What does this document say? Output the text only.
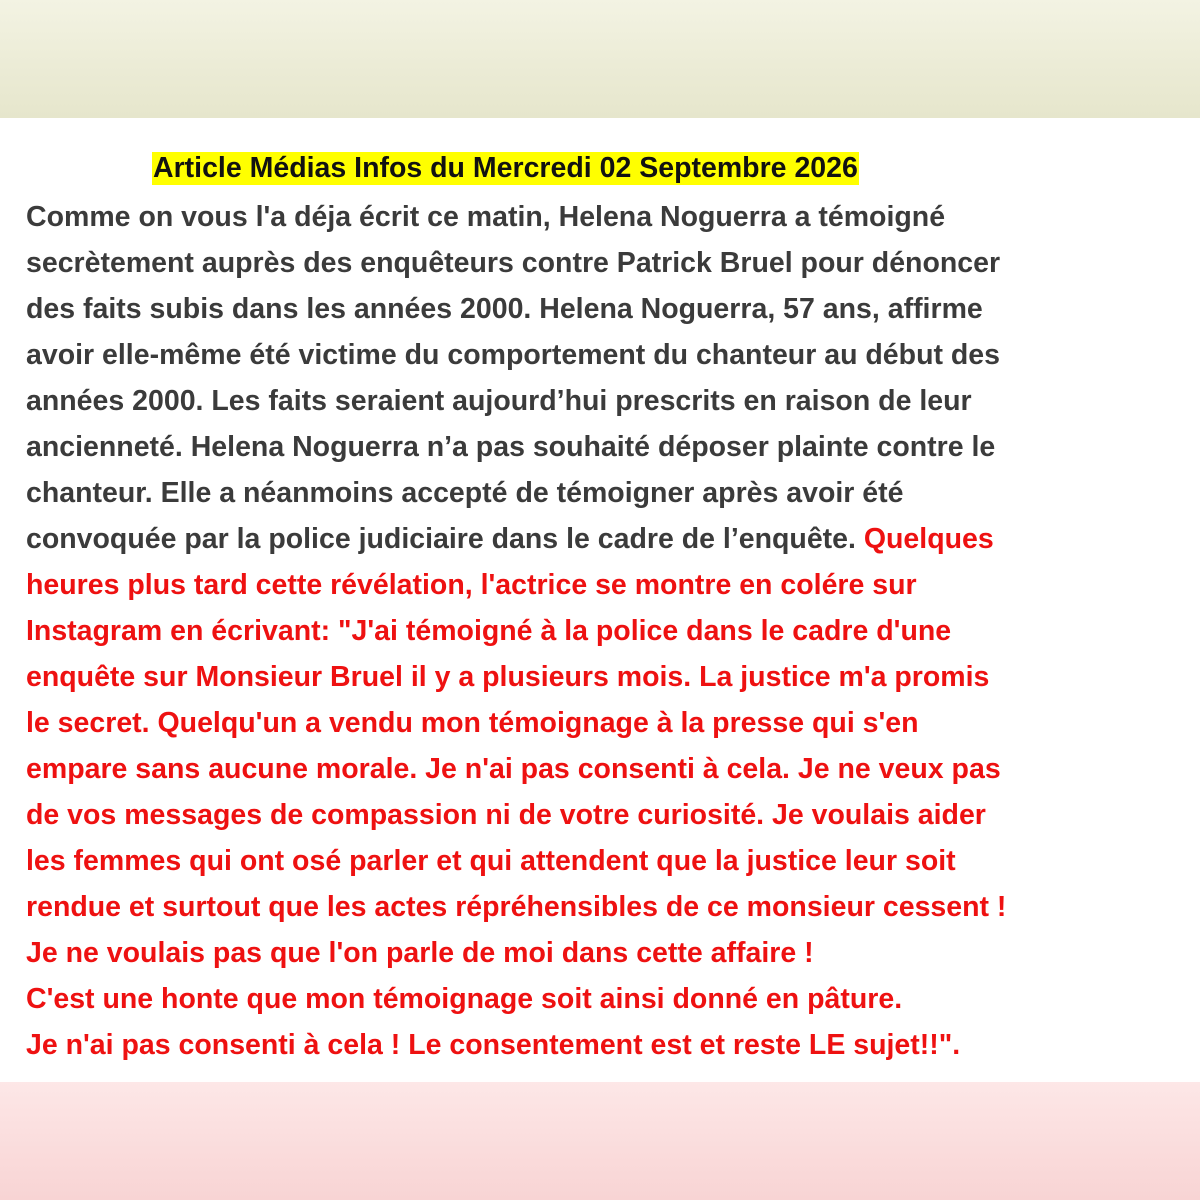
Article Médias Infos du Mercredi 02 Septembre 2026

Comme on vous l'a déja écrit ce matin, Helena Noguerra a témoigné
secrètement auprès des enquêteurs contre Patrick Bruel pour dénoncer
des faits subis dans les années 2000. Helena Noguerra, 57 ans, affirme
avoir elle-même été victime du comportement du chanteur au début des
années 2000. Les faits seraient aujourd’hui prescrits en raison de leur
ancienneté. Helena Noguerra n’a pas souhaité déposer plainte contre le
chanteur. Elle a néanmoins accepté de témoigner après avoir été
convoquée par la police judiciaire dans le cadre de l’enquête. Quelques
heures plus tard cette révélation, l'actrice se montre en colére sur
Instagram en écrivant: "J'ai témoigné à la police dans le cadre d'une
enquête sur Monsieur Bruel il y a plusieurs mois. La justice m'a promis
le secret. Quelqu'un a vendu mon témoignage à la presse qui s'en
empare sans aucune morale. Je n'ai pas consenti à cela. Je ne veux pas
de vos messages de compassion ni de votre curiosité. Je voulais aider
les femmes qui ont osé parler et qui attendent que la justice leur soit
rendue et surtout que les actes répréhensibles de ce monsieur cessent !
Je ne voulais pas que l'on parle de moi dans cette affaire !
C'est une honte que mon témoignage soit ainsi donné en pâture.
Je n'ai pas consenti à cela ! Le consentement est et reste LE sujet!!".
